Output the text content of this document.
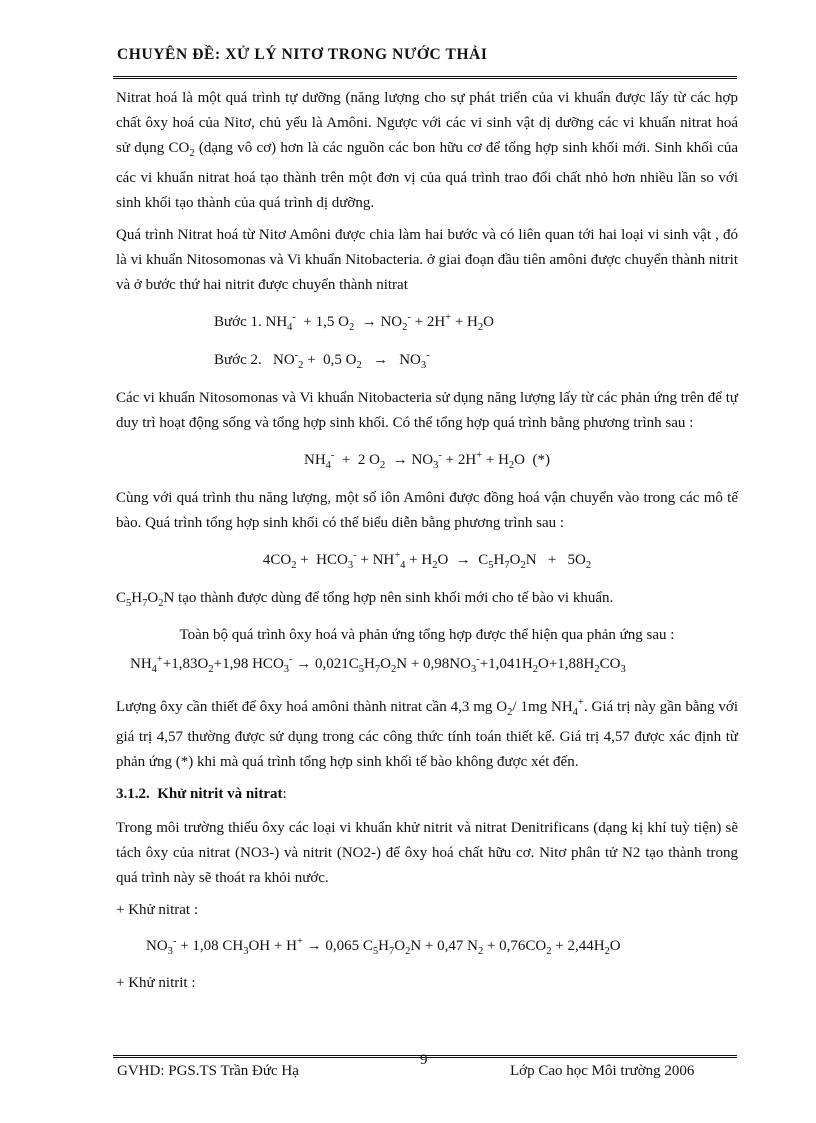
CHUYÊN ĐỀ: XỬ LÝ NITƠ TRONG NƯỚC THẢI

Nitrat hoá là một quá trình tự dưỡng (năng lượng cho sự phát triển của vi khuẩn được lấy từ các hợp chất ôxy hoá của Nitơ, chủ yếu là Amôni. Ngược với các vi sinh vật dị dưỡng các vi khuẩn nitrat hoá sử dụng $CO_2$ (dạng vô cơ) hơn là các nguồn các bon hữu cơ để tổng hợp sinh khối mới. Sinh khối của các vi khuẩn nitrat hoá tạo thành trên một đơn vị của quá trình trao đổi chất nhỏ hơn nhiều lần so với sinh khối tạo thành của quá trình dị dưỡng.

Quá trình Nitrat hoá từ Nitơ Amôni được chia làm hai bước và có liên quan tới hai loại vi sinh vật , đó là vi khuẩn Nitosomonas và Vi khuẩn Nitobacteria. ở giai đoạn đầu tiên amôni được chuyển thành nitrit và ở bước thứ hai nitrit được chuyển thành nitrat

Bước 1. $NH_4^- + 1,5$ $O_2 \to NO_2^- + 2H^+ + H_2O$
Bước 2.   $NO^-_2 + 0,5$ $O_2 \to NO_3^-$

Các vi khuẩn Nitosomonas và Vi khuẩn Nitobacteria sử dụng năng lượng lấy từ các phản ứng trên để tự duy trì hoạt động sống và tổng hợp sinh khối. Có thể tổng hợp quá trình bằng phương trình sau :

$NH_4^- + 2$ $O_2 \to NO_3^- + 2H^+ + H_2O$  (*)

Cùng với quá trình thu năng lượng, một số iôn Amôni được đồng hoá vận chuyển vào trong các mô tế bào. Quá trình tổng hợp sinh khối có thể biểu diễn bằng phương trình sau :

$4CO_2 + HCO_3^- + NH^+_4 + H_2O \to C_5H_7O_2N + 5O_2$

$C_5H_7O_2N$ tạo thành được dùng để tổng hợp nên sinh khối mới cho tế bào vi khuẩn.

Toàn bộ quá trình ôxy hoá và phản ứng tổng hợp được thể hiện qua phản ứng sau :

$NH_4^++1,83O_2+1,98$ $HCO_3^- \to 0,021C_5H_7O_2N + 0,98NO_3^-+1,041H_2O+1,88H_2CO_3$

Lượng ôxy cần thiết để ôxy hoá amôni thành nitrat cần 4,3 mg $O_2/$ 1mg $NH_4^+$. Giá trị này gần bằng với giá trị 4,57 thường được sử dụng trong các công thức tính toán thiết kế. Giá trị 4,57 được xác định từ phản ứng (*) khi mà quá trình tổng hợp sinh khối tế bào không được xét đến.

3.1.2. Khử nitrit và nitrat:

Trong môi trường thiếu ôxy các loại vi khuẩn khử nitrit và nitrat Denitrificans (dạng kị khí tuỳ tiện) sẽ tách ôxy của nitrat (NO3-) và nitrit (NO2-) để ôxy hoá chất hữu cơ. Nitơ phân tử N2 tạo thành trong quá trình này sẽ thoát ra khỏi nước.

+ Khử nitrat :

$NO_3^- + 1,08$ $CH_3OH + H^+ \to 0,065$ $C_5H_7O_2N + 0,47$ $N_2 + 0,76CO_2 + 2,44H_2O$

+ Khử nitrit :

GVHD: PGS.TS Trần Đức Hạ
9
Lớp Cao học Môi trường 2006
